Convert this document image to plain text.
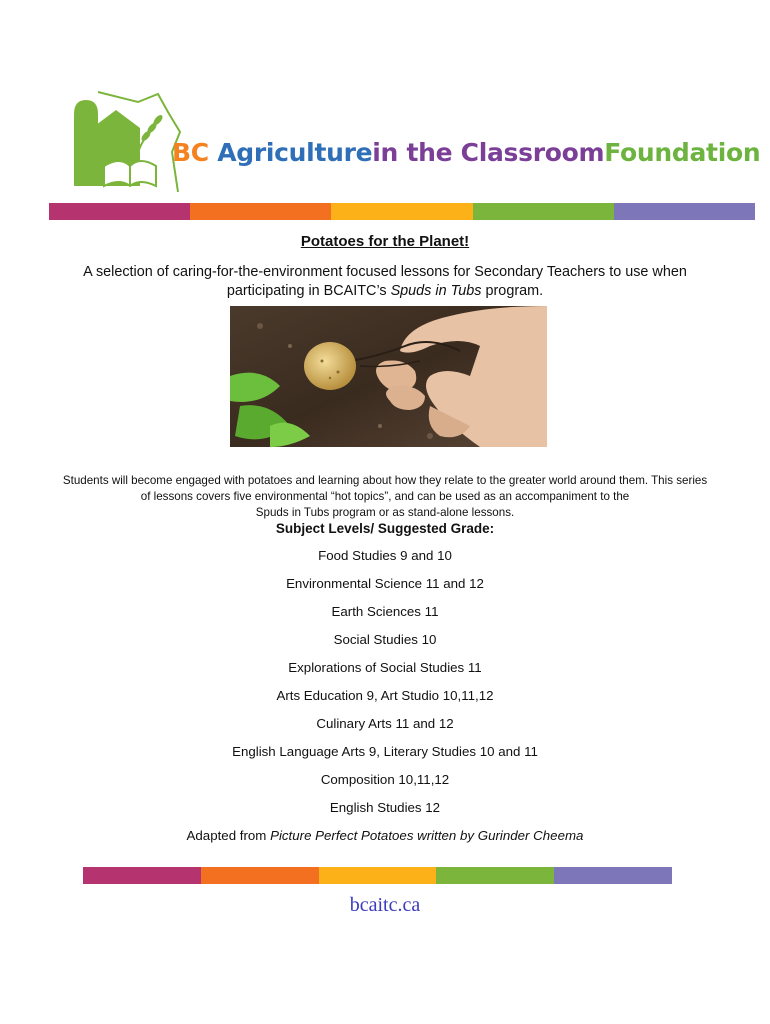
BC Agriculturein the ClassroomFoundation
Potatoes for the Planet!
A selection of caring-for-the-environment focused lessons for Secondary Teachers to use when participating in BCAITC’s Spuds in Tubs program.
Students will become engaged with potatoes and learning about how they relate to the greater world around them. This series
of lessons covers five environmental “hot topics”, and can be used as an accompaniment to the
Spuds in Tubs program or as stand-alone lessons.
Subject Levels/ Suggested Grade:
Food Studies 9 and 10
Environmental Science 11 and 12
Earth Sciences 11
Social Studies 10
Explorations of Social Studies 11
Arts Education 9, Art Studio 10,11,12
Culinary Arts 11 and 12
English Language Arts 9, Literary Studies 10 and 11
Composition 10,11,12
English Studies 12
Adapted from Picture Perfect Potatoes written by Gurinder Cheema
bcaitc.ca
